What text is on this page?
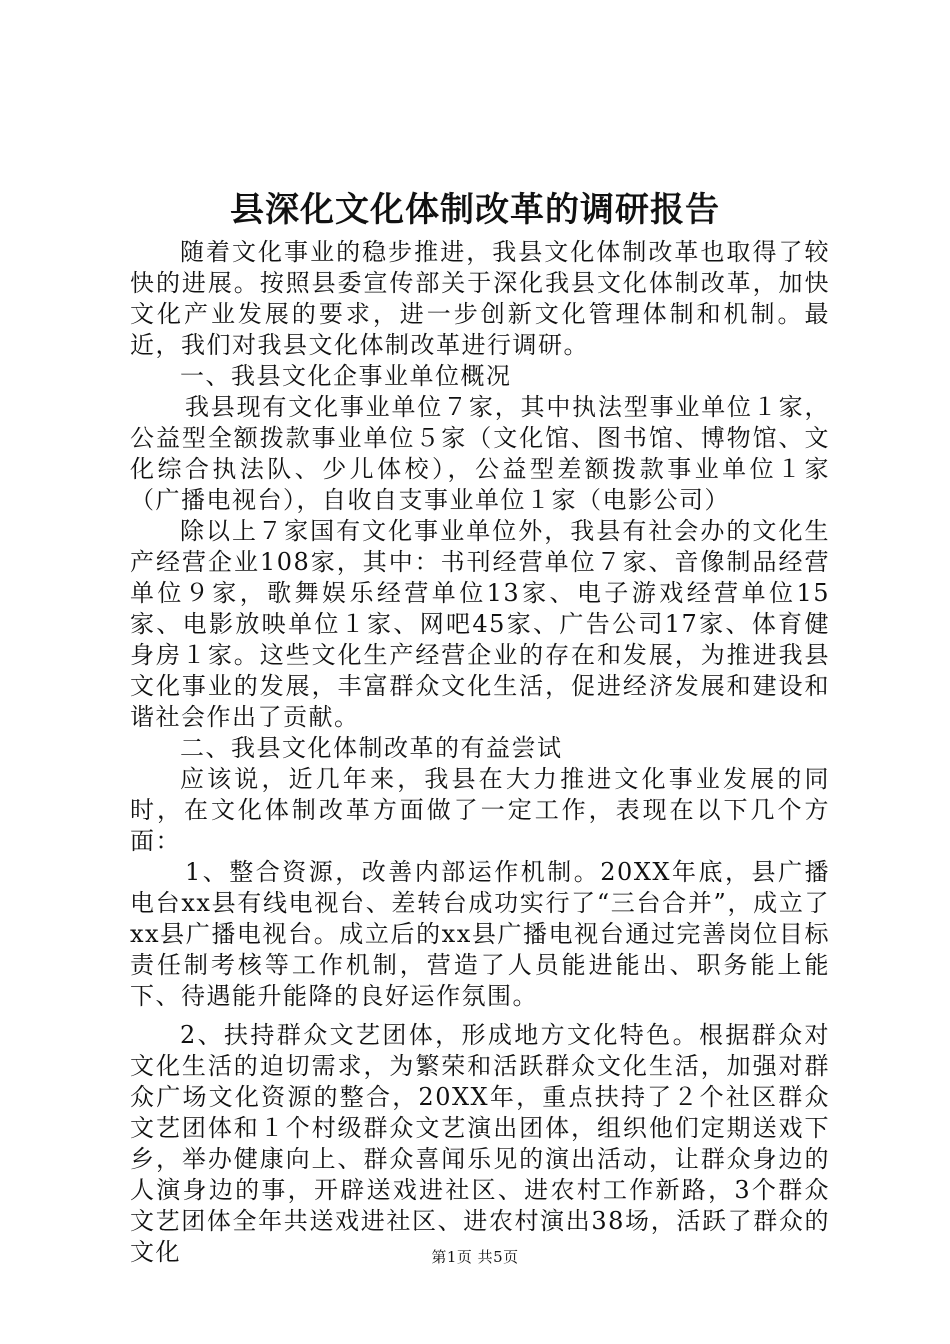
县深化文化体制改革的调研报告

随着文化事业的稳步推进，我县文化体制改革也取得了较快的进展。按照县委宣传部关于深化我县文化体制改革，加快文化产业发展的要求，进一步创新文化管理体制和机制。最近，我们对我县文化体制改革进行调研。

一、我县文化企事业单位概况

我县现有文化事业单位７家，其中执法型事业单位１家，公益型全额拨款事业单位５家（文化馆、图书馆、博物馆、文化综合执法队、少儿体校），公益型差额拨款事业单位１家（广播电视台），自收自支事业单位１家（电影公司）

除以上７家国有文化事业单位外，我县有社会办的文化生产经营企业108家，其中：书刊经营单位７家、音像制品经营单位９家，歌舞娱乐经营单位13家、电子游戏经营单位15家、电影放映单位１家、网吧45家、广告公司17家、体育健身房１家。这些文化生产经营企业的存在和发展，为推进我县文化事业的发展，丰富群众文化生活，促进经济发展和建设和谐社会作出了贡献。

二、我县文化体制改革的有益尝试

应该说，近几年来，我县在大力推进文化事业发展的同时，在文化体制改革方面做了一定工作，表现在以下几个方面：

1、整合资源，改善内部运作机制。20XX年底，县广播电台xx县有线电视台、差转台成功实行了“三台合并”，成立了xx县广播电视台。成立后的xx县广播电视台通过完善岗位目标责任制考核等工作机制，营造了人员能进能出、职务能上能下、待遇能升能降的良好运作氛围。

2、扶持群众文艺团体，形成地方文化特色。根据群众对文化生活的迫切需求，为繁荣和活跃群众文化生活，加强对群众广场文化资源的整合，20XX年，重点扶持了２个社区群众文艺团体和１个村级群众文艺演出团体，组织他们定期送戏下乡，举办健康向上、群众喜闻乐见的演出活动，让群众身边的人演身边的事，开辟送戏进社区、进农村工作新路，3个群众文艺团体全年共送戏进社区、进农村演出38场，活跃了群众的文化	第1页 共5页
